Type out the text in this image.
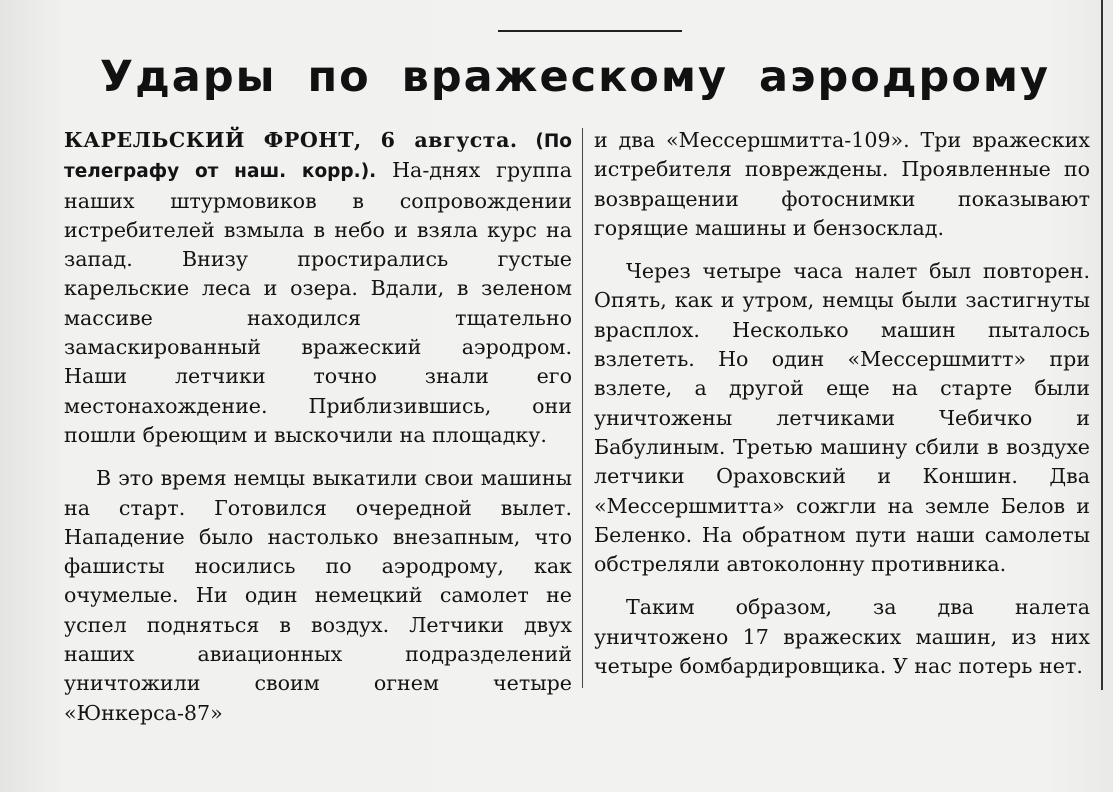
Удары по вражескому аэродрому

КАРЕЛЬСКИЙ ФРОНТ, 6 августа. (По телеграфу от наш. корр.). На-днях группа наших штурмовиков в сопровождении истребителей взмыла в небо и взяла курс на запад. Внизу простирались густые карельские леса и озера. Вдали, в зеленом массиве находился тщательно замаскированный вражеский аэродром. Наши летчики точно знали его местонахождение. Приблизившись, они пошли бреющим и выскочили на площадку.

В это время немцы выкатили свои машины на старт. Готовился очередной вылет. Нападение было настолько внезапным, что фашисты носились по аэродрому, как очумелые. Ни один немецкий самолет не успел подняться в воздух. Летчики двух наших авиационных подразделений уничтожили своим огнем четыре «Юнкерса-87»

и два «Мессершмитта-109». Три вражеских истребителя повреждены. Проявленные по возвращении фотоснимки показывают горящие машины и бензосклад.

Через четыре часа налет был повторен. Опять, как и утром, немцы были застигнуты врасплох. Несколько машин пыталось взлететь. Но один «Мессершмитт» при взлете, а другой еще на старте были уничтожены летчиками Чебичко и Бабулиным. Третью машину сбили в воздухе летчики Ораховский и Коншин. Два «Мессершмитта» сожгли на земле Белов и Беленко. На обратном пути наши самолеты обстреляли автоколонну противника.

Таким образом, за два налета уничтожено 17 вражеских машин, из них четыре бомбардировщика. У нас потерь нет.
